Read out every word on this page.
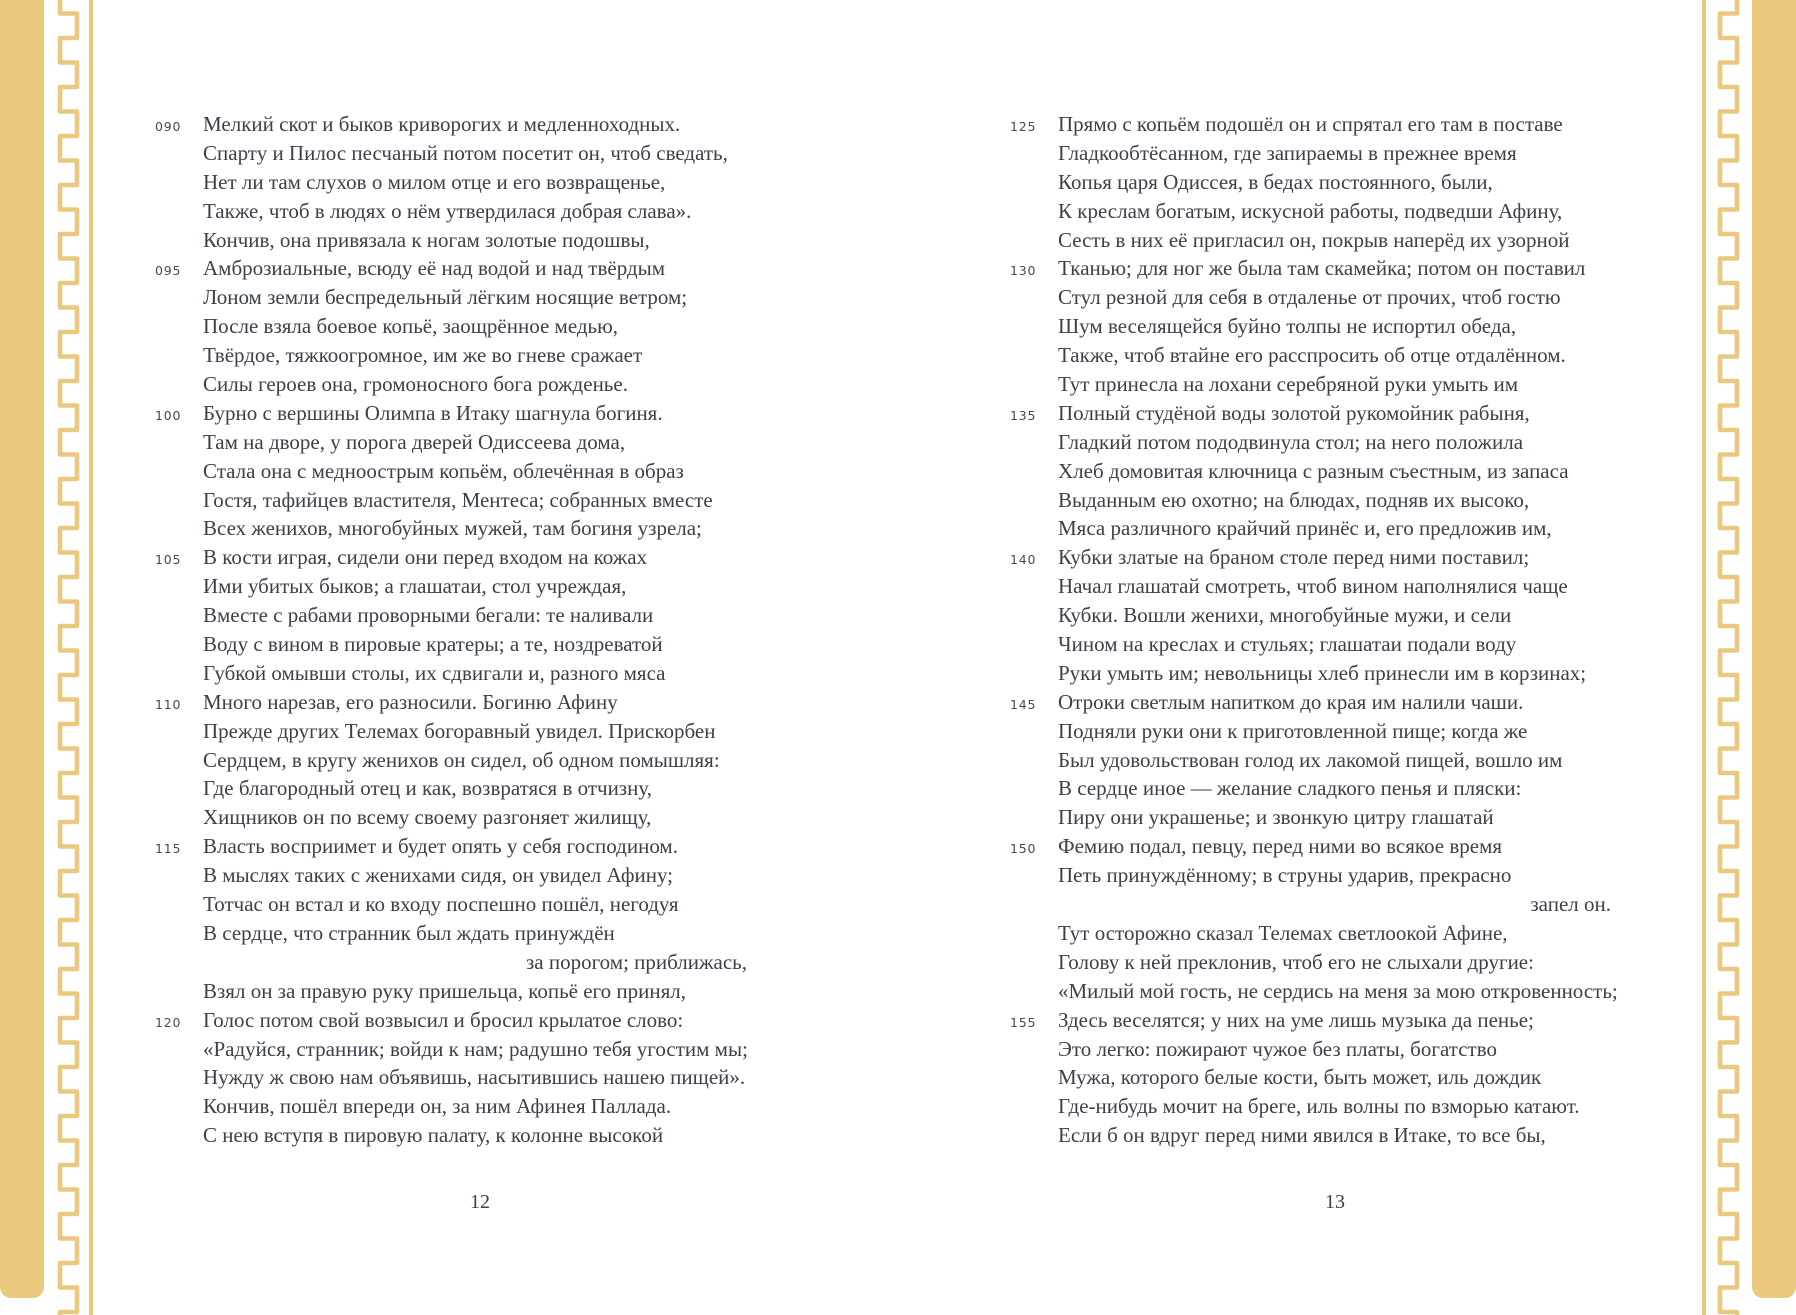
090	Мелкий скот и быков криворогих и медленноходных.
Спарту и Пилос песчаный потом посетит он, чтоб сведать,
Нет ли там слухов о милом отце и его возвращенье,
Также, чтоб в людях о нём утвердилася добрая слава».
Кончив, она привязала к ногам золотые подошвы,
095	Амброзиальные, всюду её над водой и над твёрдым
Лоном земли беспредельный лёгким носящие ветром;
После взяла боевое копьё, заощрённое медью,
Твёрдое, тяжкоогромное, им же во гневе сражает
Силы героев она, громоносного бога рожденье.
100	Бурно с вершины Олимпа в Итаку шагнула богиня.
Там на дворе, у порога дверей Одиссеева дома,
Стала она с медноострым копьём, облечённая в образ
Гостя, тафийцев властителя, Ментеса; собранных вместе
Всех женихов, многобуйных мужей, там богиня узрела;
105	В кости играя, сидели они перед входом на кожах
Ими убитых быков; а глашатаи, стол учреждая,
Вместе с рабами проворными бегали: те наливали
Воду с вином в пировые кратеры; а те, ноздреватой
Губкой омывши столы, их сдвигали и, разного мяса
110	Много нарезав, его разносили. Богиню Афину
Прежде других Телемах богоравный увидел. Прискорбен
Сердцем, в кругу женихов он сидел, об одном помышляя:
Где благородный отец и как, возвратяся в отчизну,
Хищников он по всему своему разгоняет жилищу,
115	Власть восприимет и будет опять у себя господином.
В мыслях таких с женихами сидя, он увидел Афину;
Тотчас он встал и ко входу поспешно пошёл, негодуя
В сердце, что странник был ждать принуждён
за порогом; приближась,
Взял он за правую руку пришельца, копьё его принял,
120	Голос потом свой возвысил и бросил крылатое слово:
«Радуйся, странник; войди к нам; радушно тебя угостим мы;
Нужду ж свою нам объявишь, насытившись нашею пищей».
Кончив, пошёл впереди он, за ним Афинея Паллада.
С нею вступя в пировую палату, к колонне высокой
12
125	Прямо с копьём подошёл он и спрятал его там в поставе
Гладкообтёсанном, где запираемы в прежнее время
Копья царя Одиссея, в бедах постоянного, были,
К креслам богатым, искусной работы, подведши Афину,
Сесть в них её пригласил он, покрыв наперёд их узорной
130	Тканью; для ног же была там скамейка; потом он поставил
Стул резной для себя в отдаленье от прочих, чтоб гостю
Шум веселящейся буйно толпы не испортил обеда,
Также, чтоб втайне его расспросить об отце отдалённом.
Тут принесла на лохани серебряной руки умыть им
135	Полный студёной воды золотой рукомойник рабыня,
Гладкий потом пододвинула стол; на него положила
Хлеб домовитая ключница с разным съестным, из запаса
Выданным ею охотно; на блюдах, подняв их высоко,
Мяса различного крайчий принёс и, его предложив им,
140	Кубки златые на браном столе перед ними поставил;
Начал глашатай смотреть, чтоб вином наполнялися чаще
Кубки. Вошли женихи, многобуйные мужи, и сели
Чином на креслах и стульях; глашатаи подали воду
Руки умыть им; невольницы хлеб принесли им в корзинах;
145	Отроки светлым напитком до края им налили чаши.
Подняли руки они к приготовленной пище; когда же
Был удовольствован голод их лакомой пищей, вошло им
В сердце иное — желание сладкого пенья и пляски:
Пиру они украшенье; и звонкую цитру глашатай
150	Фемию подал, певцу, перед ними во всякое время
Петь принуждённому; в струны ударив, прекрасно
запел он.
Тут осторожно сказал Телемах светлоокой Афине,
Голову к ней преклонив, чтоб его не слыхали другие:
«Милый мой гость, не сердись на меня за мою откровенность;
155	Здесь веселятся; у них на уме лишь музыка да пенье;
Это легко: пожирают чужое без платы, богатство
Мужа, которого белые кости, быть может, иль дождик
Где-нибудь мочит на бреге, иль волны по взморью катают.
Если б он вдруг перед ними явился в Итаке, то все бы,
13
